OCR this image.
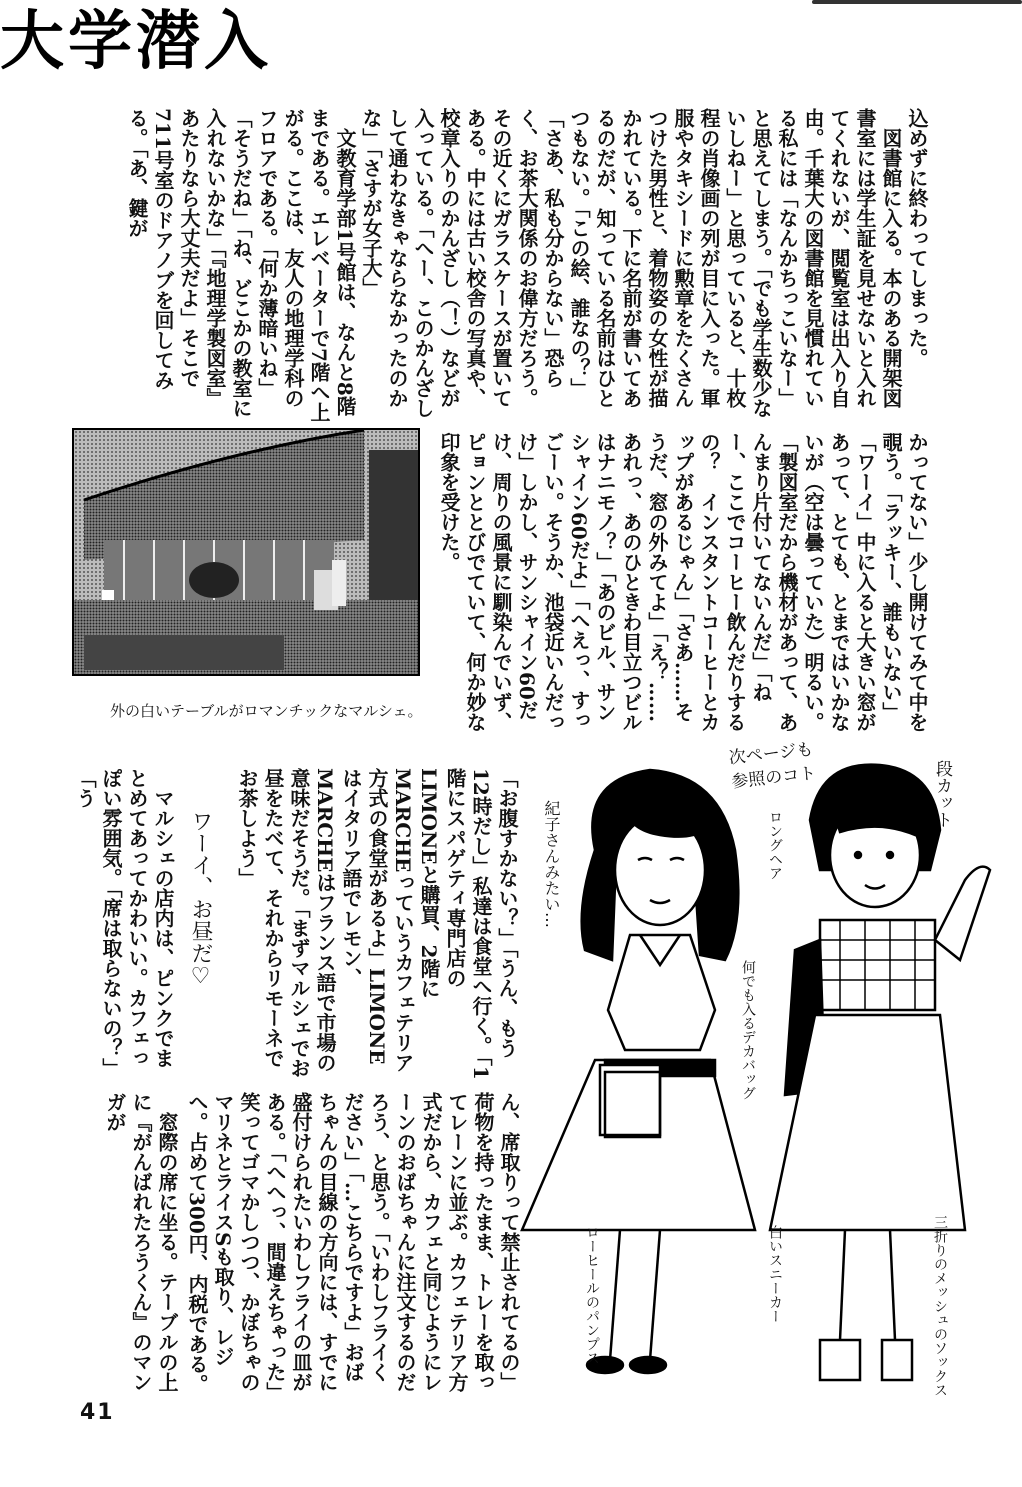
大学潜入
込めずに終わってしまった。
　図書館に入る。本のある開架図書室には学生証を見せないと入れてくれないが、閲覧室は出入り自由。千葉大の図書館を見慣れている私には「なんかちっこいなー」と思えてしまう。「でも学生数少ないしねー」と思っていると、十枚程の肖像画の列が目に入った。軍服やタキシードに勲章をたくさんつけた男性と、着物姿の女性が描かれている。下に名前が書いてあるのだが、知っている名前はひとつもない。「この絵、誰なの？」「さあ、私も分からない」恐らく、お茶大関係のお偉方だろう。その近くにガラスケースが置いてある。中には古い校舎の写真や、校章入りのかんざし（！）などが入っている。「へー、このかんざしして通わなきゃならなかったのかな」「さすが女子大」
　文教育学部1号館は、なんと8階まである。エレベーターで7階へ上がる。ここは、友人の地理学科のフロアである。「何か薄暗いね」「そうだね」「ね、どこかの教室に入れないかな」「『地理学製図室』あたりなら大丈夫だよ」そこで711号室のドアノブを回してみる。「あ、鍵が
かってない」少し開けてみて中を覗う。「ラッキー、誰もいない」「ワーイ」中に入ると大きい窓があって、とても、とまではいかないが（空は曇っていた）明るい。「製図室だから機材があって、あんまり片付いてないんだ」「ねー、ここでコーヒー飲んだりするの？　インスタントコーヒーとカップがあるじゃん」「さあ……そうだ、窓の外みてよ」「え？……あれっ、あのひときわ目立つビルはナニモノ？」「あのビル、サンシャイン60だよ」「へえっ、すっごーい。そうか、池袋近いんだっけ」しかし、サンシャイン60だけ、周りの風景に馴染んでいず、ピョンととびでていて、何か妙な印象を受けた。
外の白いテーブルがロマンチックなマルシェ。
「お腹すかない？」「うん、もう12時だし」私達は食堂へ行く。「1階にスパゲティ専門店のLIMONEと購買、2階にMARCHEっていうカフェテリア方式の食堂があるよ」LIMONEはイタリア語でレモン、MARCHEはフランス語で市場の意味だそうだ。「まずマルシェでお昼をたべて、それからリモーネでお茶しよう」
ワーイ、お昼だ♡
　マルシェの店内は、ピンクでまとめてあってかわいい。カフェっぽい雰囲気。「席は取らないの？」「う
ん、席取りって禁止されてるの」荷物を持ったまま、トレーを取ってレーンに並ぶ。カフェテリア方式だから、カフェと同じようにレーンのおばちゃんに注文するのだろう、と思う。「いわしフライください」「…こちらですよ」おばちゃんの目線の方向には、すでに盛付けられたいわしフライの皿がある。「へへっ、間違えちゃった」笑ってゴマかしつつ、かぼちゃのマリネとライスSも取り、レジへ。占めて300円、内税である。
　窓際の席に坐る。テーブルの上に『がんばれたろうくん』のマンガが
次ページも
参照のコト
紀子さんみたい…	ロングヘア
何でも入るデカバッグ
段カット
白いスニーカー	三折りのメッシュのソックス
ローヒールのパンプス
41
